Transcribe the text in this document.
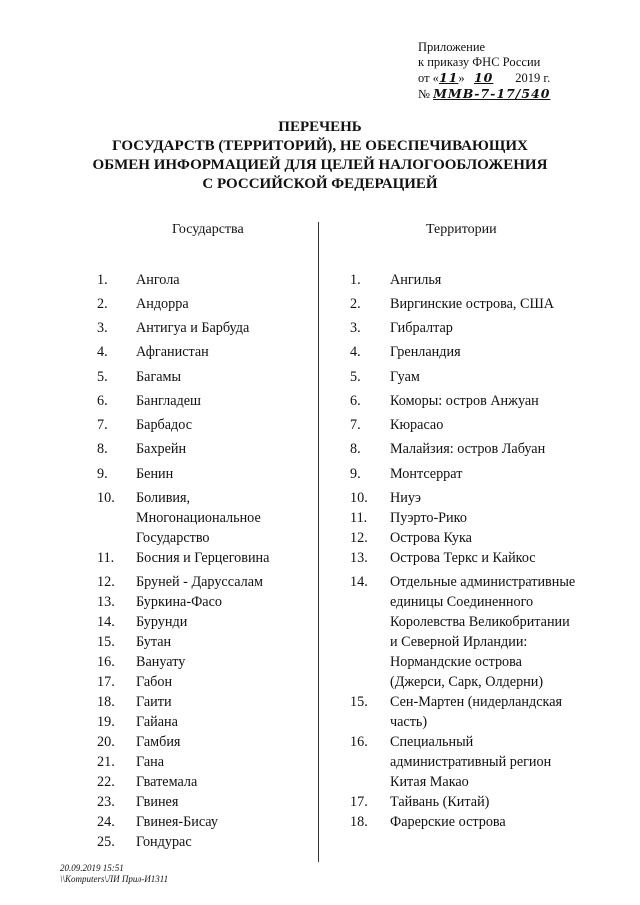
Приложение
к приказу ФНС России
от «11» 10 2019 г.
№ ММВ-7-17/540
ПЕРЕЧЕНЬ
ГОСУДАРСТВ (ТЕРРИТОРИЙ), НЕ ОБЕСПЕЧИВАЮЩИХ
ОБМЕН ИНФОРМАЦИЕЙ ДЛЯ ЦЕЛЕЙ НАЛОГООБЛОЖЕНИЯ
С РОССИЙСКОЙ ФЕДЕРАЦИЕЙ
Государства	Территории
1. Ангола
2. Андорра
3. Антигуа и Барбуда
4. Афганистан
5. Багамы
6. Бангладеш
7. Барбадос
8. Бахрейн
9. Бенин
10. Боливия,
Многонациональное
Государство
11. Босния и Герцеговина
12. Бруней - Даруссалам
13. Буркина-Фасо
14. Бурунди
15. Бутан
16. Вануату
17. Габон
18. Гаити
19. Гайана
20. Гамбия
21. Гана
22. Гватемала
23. Гвинея
24. Гвинея-Бисау
25. Гондурас
1. Ангилья
2. Виргинские острова, США
3. Гибралтар
4. Гренландия
5. Гуам
6. Коморы: остров Анжуан
7. Кюрасао
8. Малайзия: остров Лабуан
9. Монтсеррат
10. Ниуэ
11. Пуэрто-Рико
12. Острова Кука
13. Острова Теркс и Кайкос
14. Отдельные административные
единицы Соединенного
Королевства Великобритании
и Северной Ирландии:
Нормандские острова
(Джерси, Сарк, Олдерни)
15. Сен-Мартен (нидерландская
часть)
16. Специальный
административный регион
Китая Макао
17. Тайвань (Китай)
18. Фарерские острова
20.09.2019 15:51
\\Komputers\ЛИ Прил-И1311
